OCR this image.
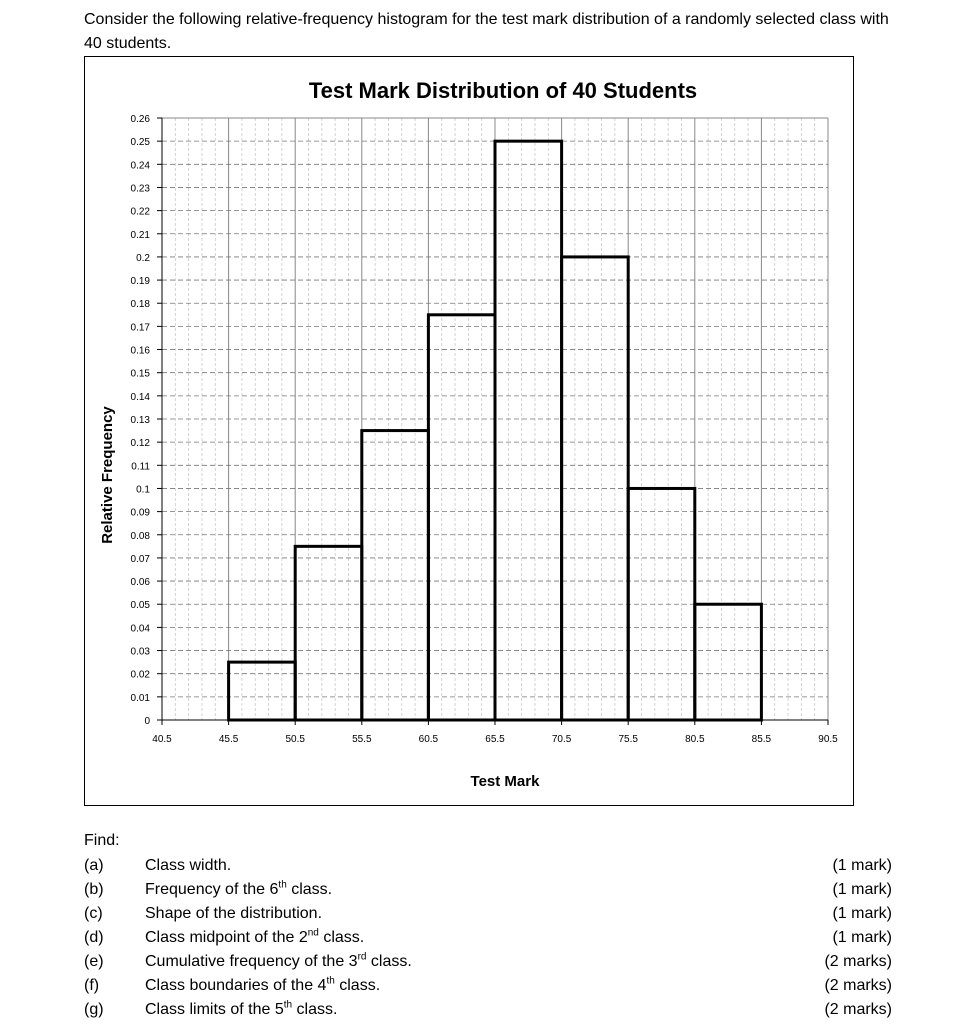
Consider the following relative-frequency histogram for the test mark distribution of a randomly selected class with 40 students.

0
0.01
0.02
0.03
0.04
0.05
0.06
0.07
0.08
0.09
0.1
0.11
0.12
0.13
0.14
0.15
0.16
0.17
0.18
0.19
0.2
0.21
0.22
0.23
0.24
0.25
0.26
40.5	45.5	50.5	55.5	60.5	65.5	70.5	75.5	80.5	85.5	90.5
Test Mark Distribution of 40 Students
Test Mark
Relative Frequency

Find:

(a)	Class width.	(1 mark)
(b)	Frequency of the 6th class.	(1 mark)
(c)	Shape of the distribution.	(1 mark)
(d)	Class midpoint of the 2nd class.	(1 mark)
(e)	Cumulative frequency of the 3rd class.	(2 marks)
(f)	Class boundaries of the 4th class.	(2 marks)
(g)	Class limits of the 5th class.	(2 marks)
